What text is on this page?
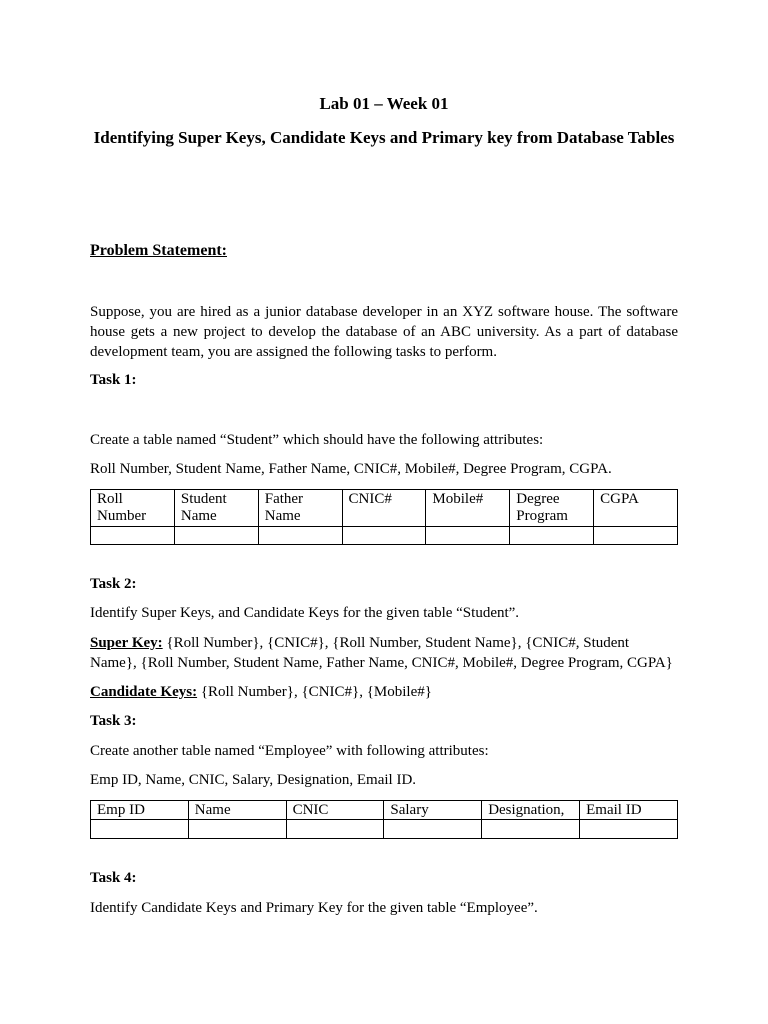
Lab 01 – Week 01
Identifying Super Keys, Candidate Keys and Primary key from Database Tables
Problem Statement:
Suppose, you are hired as a junior database developer in an XYZ software house. The software house gets a new project to develop the database of an ABC university. As a part of database development team, you are assigned the following tasks to perform.
Task 1:
Create a table named “Student” which should have the following attributes:
Roll Number, Student Name, Father Name, CNIC#, Mobile#, Degree Program, CGPA.
Roll Number	Student Name	Father Name	CNIC#	Mobile#	Degree Program	CGPA

Task 2:
Identify Super Keys, and Candidate Keys for the given table “Student”.
Super Key: {Roll Number}, {CNIC#}, {Roll Number, Student Name}, {CNIC#, Student Name}, {Roll Number, Student Name, Father Name, CNIC#, Mobile#, Degree Program, CGPA}
Candidate Keys: {Roll Number}, {CNIC#}, {Mobile#}
Task 3:
Create another table named “Employee” with following attributes:
Emp ID, Name, CNIC, Salary, Designation, Email ID.
Emp ID	Name	CNIC	Salary	Designation,	Email ID

Task 4:
Identify Candidate Keys and Primary Key for the given table “Employee”.
